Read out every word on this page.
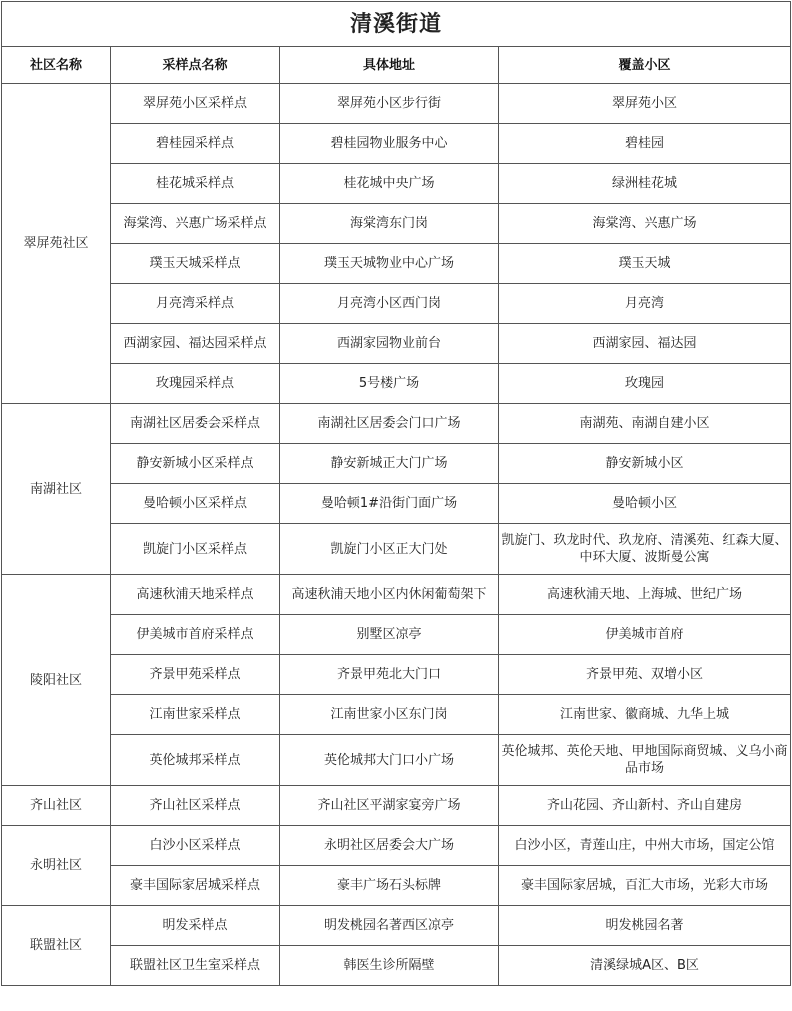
清溪街道			
社区名称	采样点名称	具体地址	覆盖小区
翠屏苑社区	翠屏苑小区采样点	翠屏苑小区步行街	翠屏苑小区
	碧桂园采样点	碧桂园物业服务中心	碧桂园
	桂花城采样点	桂花城中央广场	绿洲桂花城
	海棠湾、兴惠广场采样点	海棠湾东门岗	海棠湾、兴惠广场
	璞玉天城采样点	璞玉天城物业中心广场	璞玉天城
	月亮湾采样点	月亮湾小区西门岗	月亮湾
	西湖家园、福达园采样点	西湖家园物业前台	西湖家园、福达园
	玫瑰园采样点	5号楼广场	玫瑰园
南湖社区	南湖社区居委会采样点	南湖社区居委会门口广场	南湖苑、南湖自建小区
	静安新城小区采样点	静安新城正大门广场	静安新城小区
	曼哈顿小区采样点	曼哈顿1#沿街门面广场	曼哈顿小区
	凯旋门小区采样点	凯旋门小区正大门处	凯旋门、玖龙时代、玖龙府、清溪苑、红森大厦、中环大厦、波斯曼公寓
陵阳社区	高速秋浦天地采样点	高速秋浦天地小区内休闲葡萄架下	高速秋浦天地、上海城、世纪广场
	伊美城市首府采样点	别墅区凉亭	伊美城市首府
	齐景甲苑采样点	齐景甲苑北大门口	齐景甲苑、双增小区
	江南世家采样点	江南世家小区东门岗	江南世家、徽商城、九华上城
	英伦城邦采样点	英伦城邦大门口小广场	英伦城邦、英伦天地、甲地国际商贸城、义乌小商品市场
齐山社区	齐山社区采样点	齐山社区平湖家宴旁广场	齐山花园、齐山新村、齐山自建房
永明社区	白沙小区采样点	永明社区居委会大广场	白沙小区，青莲山庄，中州大市场，国定公馆
	豪丰国际家居城采样点	豪丰广场石头标牌	豪丰国际家居城，百汇大市场，光彩大市场
联盟社区	明发采样点	明发桃园名著西区凉亭	明发桃园名著
	联盟社区卫生室采样点	韩医生诊所隔壁	清溪绿城A区、B区
